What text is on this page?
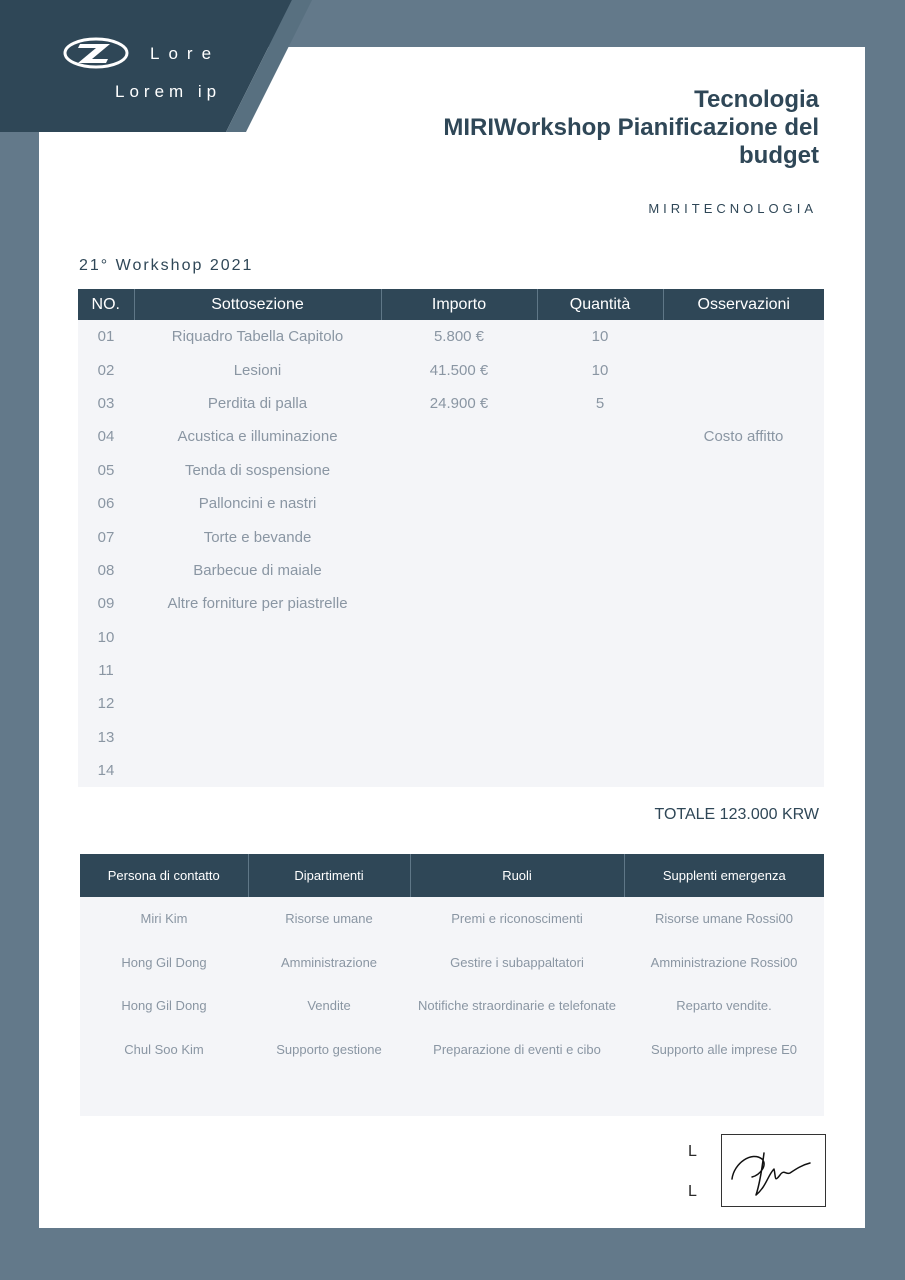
Lore
Lorem ip	Tecnologia
MIRIWorkshop Pianificazione del
budget
MIRITECNOLOGIA
21° Workshop 2021
NO.	Sottosezione	Importo	Quantità	Osservazioni
01	Riquadro Tabella Capitolo	5.800 €	10	
02	Lesioni	41.500 €	10	
03	Perdita di palla	24.900 €	5	
04	Acustica e illuminazione			Costo affitto
05	Tenda di sospensione			
06	Palloncini e nastri			
07	Torte e bevande			
08	Barbecue di maiale			
09	Altre forniture per piastrelle			
10				
11				
12				
13				
14				
TOTALE 123.000 KRW
Persona di contatto	Dipartimenti	Ruoli	Supplenti emergenza
Miri Kim	Risorse umane	Premi e riconoscimenti	Risorse umane Rossi00
Hong Gil Dong	Amministrazione	Gestire i subappaltatori	Amministrazione Rossi00
Hong Gil Dong	Vendite	Notifiche straordinarie e telefonate	Reparto vendite.
Chul Soo Kim	Supporto gestione	Preparazione di eventi e cibo	Supporto alle imprese E0

L
L
